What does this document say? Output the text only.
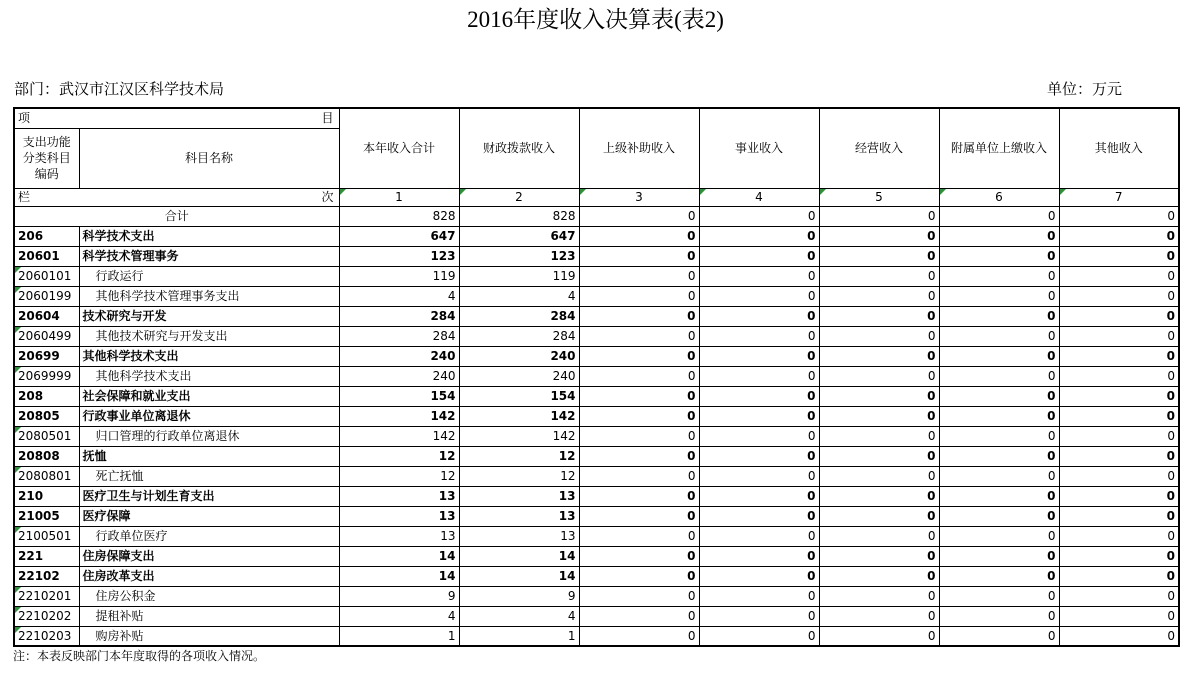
2016年度收入决算表(表2)
部门：武汉市江汉区科学技术局	单位：万元
项 目		本年收入合计	财政拨款收入	上级补助收入	事业收入	经营收入	附属单位上缴收入	其他收入

支出功能
分类科目
编码	科目名称							

栏 次		1	2	3	4	5	6	7
合计		828	828	0	0	0	0	0
206	科学技术支出	647	647	0	0	0	0	0
20601	科学技术管理事务	123	123	0	0	0	0	0
2060101	行政运行	119	119	0	0	0	0	0
2060199	其他科学技术管理事务支出	4	4	0	0	0	0	0
20604	技术研究与开发	284	284	0	0	0	0	0
2060499	其他技术研究与开发支出	284	284	0	0	0	0	0
20699	其他科学技术支出	240	240	0	0	0	0	0
2069999	其他科学技术支出	240	240	0	0	0	0	0
208	社会保障和就业支出	154	154	0	0	0	0	0
20805	行政事业单位离退休	142	142	0	0	0	0	0
2080501	归口管理的行政单位离退休	142	142	0	0	0	0	0
20808	抚恤	12	12	0	0	0	0	0
2080801	死亡抚恤	12	12	0	0	0	0	0
210	医疗卫生与计划生育支出	13	13	0	0	0	0	0
21005	医疗保障	13	13	0	0	0	0	0
2100501	行政单位医疗	13	13	0	0	0	0	0
221	住房保障支出	14	14	0	0	0	0	0
22102	住房改革支出	14	14	0	0	0	0	0
2210201	住房公积金	9	9	0	0	0	0	0
2210202	提租补贴	4	4	0	0	0	0	0
2210203	购房补贴	1	1	0	0	0	0	0
注：本表反映部门本年度取得的各项收入情况。
